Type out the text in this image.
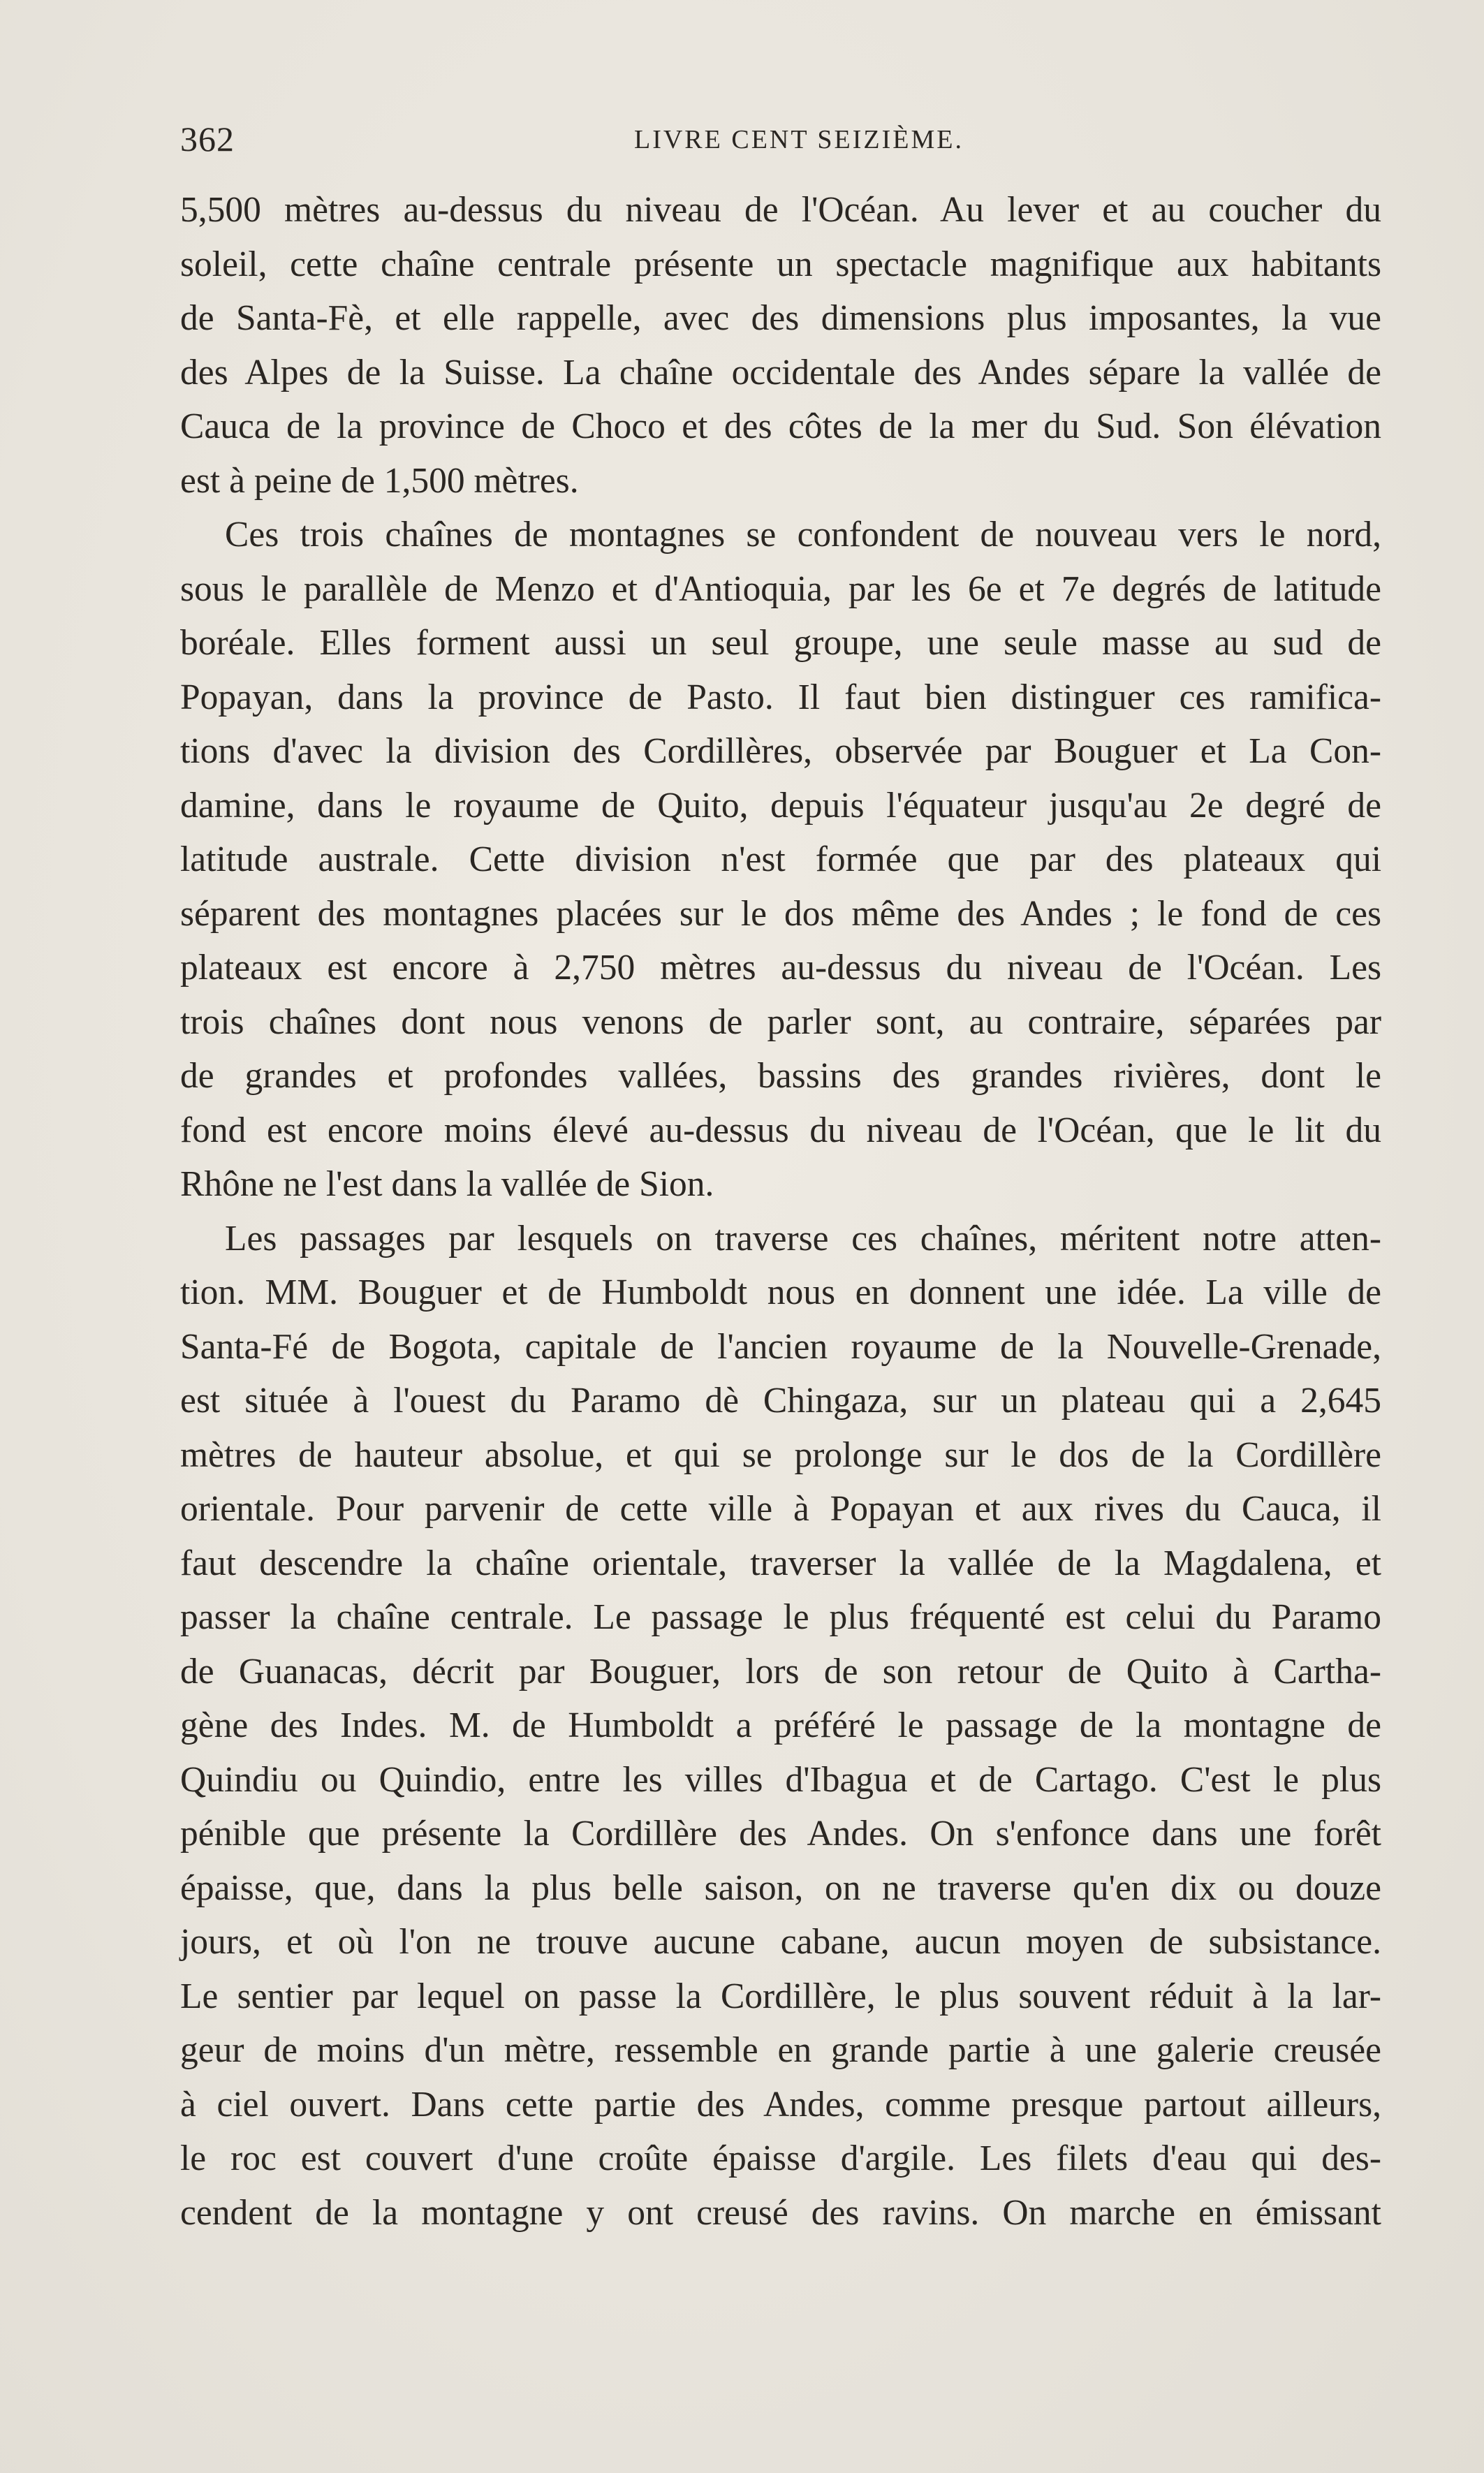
362	LIVRE CENT SEIZIÈME.
5,500 mètres au-dessus du niveau de l'Océan. Au lever et au coucher du
soleil, cette chaîne centrale présente un spectacle magnifique aux habitants
de Santa-Fè, et elle rappelle, avec des dimensions plus imposantes, la vue
des Alpes de la Suisse. La chaîne occidentale des Andes sépare la vallée de
Cauca de la province de Choco et des côtes de la mer du Sud. Son élévation
est à peine de 1,500 mètres.
Ces trois chaînes de montagnes se confondent de nouveau vers le nord,
sous le parallèle de Menzo et d'Antioquia, par les 6e et 7e degrés de latitude
boréale. Elles forment aussi un seul groupe, une seule masse au sud de
Popayan, dans la province de Pasto. Il faut bien distinguer ces ramifica-
tions d'avec la division des Cordillères, observée par Bouguer et La Con-
damine, dans le royaume de Quito, depuis l'équateur jusqu'au 2e degré de
latitude australe. Cette division n'est formée que par des plateaux qui
séparent des montagnes placées sur le dos même des Andes ; le fond de ces
plateaux est encore à 2,750 mètres au-dessus du niveau de l'Océan. Les
trois chaînes dont nous venons de parler sont, au contraire, séparées par
de grandes et profondes vallées, bassins des grandes rivières, dont le
fond est encore moins élevé au-dessus du niveau de l'Océan, que le lit du
Rhône ne l'est dans la vallée de Sion.
Les passages par lesquels on traverse ces chaînes, méritent notre atten-
tion. MM. Bouguer et de Humboldt nous en donnent une idée. La ville de
Santa-Fé de Bogota, capitale de l'ancien royaume de la Nouvelle-Grenade,
est située à l'ouest du Paramo dè Chingaza, sur un plateau qui a 2,645
mètres de hauteur absolue, et qui se prolonge sur le dos de la Cordillère
orientale. Pour parvenir de cette ville à Popayan et aux rives du Cauca, il
faut descendre la chaîne orientale, traverser la vallée de la Magdalena, et
passer la chaîne centrale. Le passage le plus fréquenté est celui du Paramo
de Guanacas, décrit par Bouguer, lors de son retour de Quito à Cartha-
gène des Indes. M. de Humboldt a préféré le passage de la montagne de
Quindiu ou Quindio, entre les villes d'Ibagua et de Cartago. C'est le plus
pénible que présente la Cordillère des Andes. On s'enfonce dans une forêt
épaisse, que, dans la plus belle saison, on ne traverse qu'en dix ou douze
jours, et où l'on ne trouve aucune cabane, aucun moyen de subsistance.
Le sentier par lequel on passe la Cordillère, le plus souvent réduit à la lar-
geur de moins d'un mètre, ressemble en grande partie à une galerie creusée
à ciel ouvert. Dans cette partie des Andes, comme presque partout ailleurs,
le roc est couvert d'une croûte épaisse d'argile. Les filets d'eau qui des-
cendent de la montagne y ont creusé des ravins. On marche en émissant
